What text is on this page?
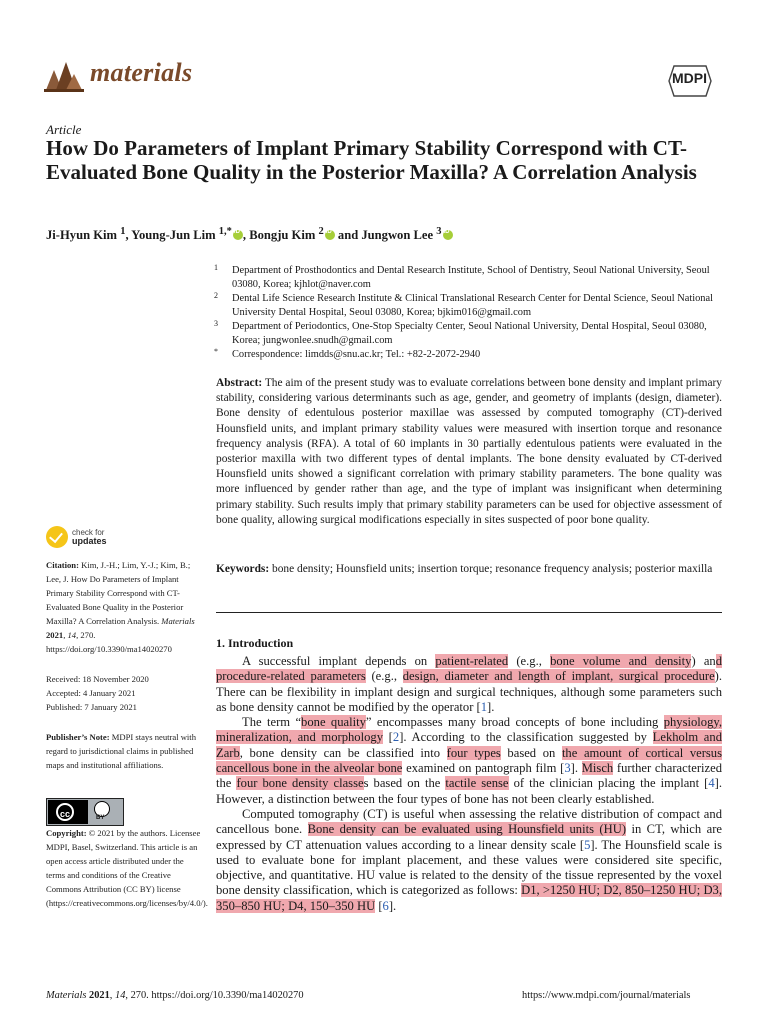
materials	MDPI
Article
How Do Parameters of Implant Primary Stability Correspond with CT-Evaluated Bone Quality in the Posterior Maxilla? A Correlation Analysis
Ji-Hyun Kim $^1$, Young-Jun Lim $^{1,*}$iD , Bongju Kim $^2$iD and Jungwon Lee $^3$iD
1 Department of Prosthodontics and Dental Research Institute, School of Dentistry, Seoul National University, Seoul 03080, Korea; kjhlot@naver.com
2 Dental Life Science Research Institute & Clinical Translational Research Center for Dental Science, Seoul National University Dental Hospital, Seoul 03080, Korea; bjkim016@gmail.com
3 Department of Periodontics, One-Stop Specialty Center, Seoul National University, Dental Hospital, Seoul 03080, Korea; jungwonlee.snudh@gmail.com
* Correspondence: limdds@snu.ac.kr; Tel.: +82-2-2072-2940
Abstract: The aim of the present study was to evaluate correlations between bone density and implant primary stability, considering various determinants such as age, gender, and geometry of implants (design, diameter). Bone density of edentulous posterior maxillae was assessed by computed tomography (CT)-derived Hounsfield units, and implant primary stability values were measured with insertion torque and resonance frequency analysis (RFA). A total of 60 implants in 30 partially edentulous patients were evaluated in the posterior maxilla with two different types of dental implants. The bone density evaluated by CT-derived Hounsfield units showed a significant correlation with primary stability parameters. The bone quality was more influenced by gender rather than age, and the type of implant was insignificant when determining primary stability. Such results imply that primary stability parameters can be used for objective assessment of bone quality, allowing surgical modifications especially in sites suspected of poor bone quality.
Keywords: bone density; Hounsfield units; insertion torque; resonance frequency analysis; posterior maxilla
check for
updates
Citation: Kim, J.-H.; Lim, Y.-J.; Kim, B.; Lee, J. How Do Parameters of Implant Primary Stability Correspond with CT-Evaluated Bone Quality in the Posterior Maxilla? A Correlation Analysis. Materials 2021, 14, 270. https://doi.org/10.3390/ma14020270
Received: 18 November 2020
Accepted: 4 January 2021
Published: 7 January 2021
Publisher’s Note: MDPI stays neutral with regard to jurisdictional claims in published maps and institutional affiliations.
cc	BY
Copyright: © 2021 by the authors. Licensee MDPI, Basel, Switzerland. This article is an open access article distributed under the terms and conditions of the Creative Commons Attribution (CC BY) license (https://creativecommons.org/licenses/by/4.0/).
1. Introduction

A successful implant depends on patient-related (e.g., bone volume and density) and procedure-related parameters (e.g., design, diameter and length of implant, surgical procedure). There can be flexibility in implant design and surgical techniques, although some parameters such as bone density cannot be modified by the operator [1].

The term “bone quality” encompasses many broad concepts of bone including physiology, mineralization, and morphology [2]. According to the classification suggested by Lekholm and Zarb, bone density can be classified into four types based on the amount of cortical versus cancellous bone in the alveolar bone examined on pantograph film [3]. Misch further characterized the four bone density classes based on the tactile sense of the clinician placing the implant [4]. However, a distinction between the four types of bone has not been clearly established.

Computed tomography (CT) is useful when assessing the relative distribution of compact and cancellous bone. Bone density can be evaluated using Hounsfield units (HU) in CT, which are expressed by CT attenuation values according to a linear density scale [5]. The Hounsfield scale is used to evaluate bone for implant placement, and these values were considered site specific, objective, and quantitative. HU value is related to the density of the tissue represented by the voxel bone density classification, which is categorized as follows: D1, >1250 HU; D2, 850–1250 HU; D3, 350–850 HU; D4, 150–350 HU [6].

Materials 2021, 14, 270. https://doi.org/10.3390/ma14020270	https://www.mdpi.com/journal/materials
